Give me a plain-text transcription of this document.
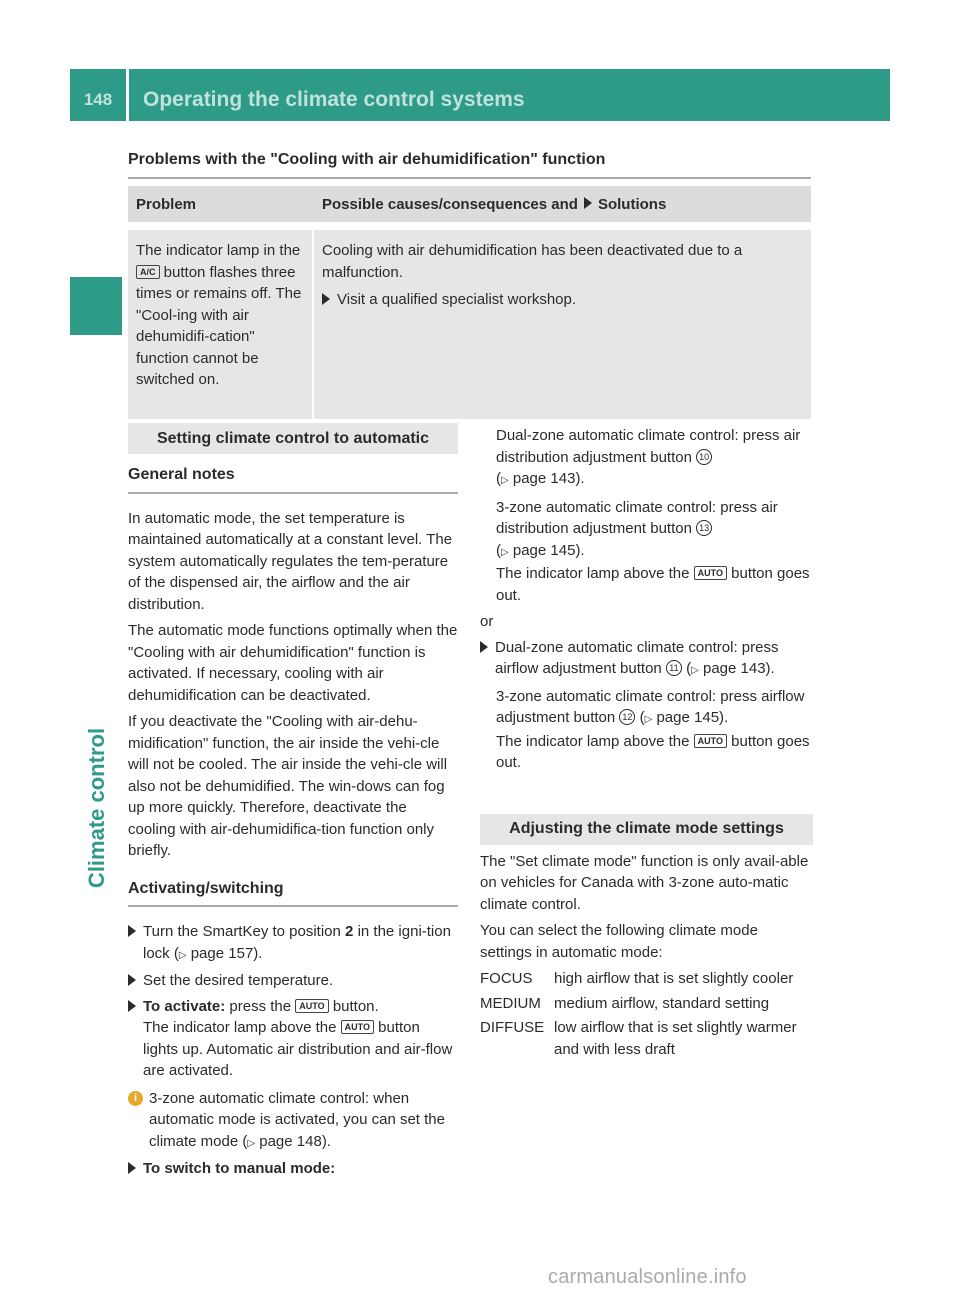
148	Operating the climate control systems
Climate control
Problems with the "Cooling with air dehumidification" function
Problem	Possible causes/consequences and Solutions
The indicator lamp in the A/C button flashes three times or remains off. The "Cool-ing with air dehumidifi-cation" function cannot be switched on.
Cooling with air dehumidification has been deactivated due to a malfunction.
Visit a qualified specialist workshop.
Setting climate control to automatic
General notes

In automatic mode, the set temperature is maintained automatically at a constant level. The system automatically regulates the tem-perature of the dispensed air, the airflow and the air distribution.

The automatic mode functions optimally when the "Cooling with air dehumidification" function is activated. If necessary, cooling with air dehumidification can be deactivated.

If you deactivate the "Cooling with air-dehu-midification" function, the air inside the vehi-cle will not be cooled. The air inside the vehi-cle will also not be dehumidified. The win-dows can fog up more quickly. Therefore, deactivate the cooling with air-dehumidifica-tion function only briefly.

Activating/switching
Turn the SmartKey to position 2 in the igni-tion lock (▷ page 157).
Set the desired temperature.
To activate: press the AUTO button.
The indicator lamp above the AUTO button lights up. Automatic air distribution and air-flow are activated.
i 3-zone automatic climate control: when automatic mode is activated, you can set the climate mode (▷ page 148).
To switch to manual mode:

Dual-zone automatic climate control: press air distribution adjustment button 10
(▷ page 143).

3-zone automatic climate control: press air distribution adjustment button 13
(▷ page 145).

The indicator lamp above the AUTO button goes out.

or
Dual-zone automatic climate control: press airflow adjustment button 11 (▷ page 143).

3-zone automatic climate control: press airflow adjustment button 12 (▷ page 145).

The indicator lamp above the AUTO button goes out.

Adjusting the climate mode settings

The "Set climate mode" function is only avail-able on vehicles for Canada with 3-zone auto-matic climate control.

You can select the following climate mode settings in automatic mode:

FOCUS	high airflow that is set slightly cooler
MEDIUM medium airflow, standard setting
DIFFUSE low airflow that is set slightly warmer and with less draft
carmanualsonline.info
